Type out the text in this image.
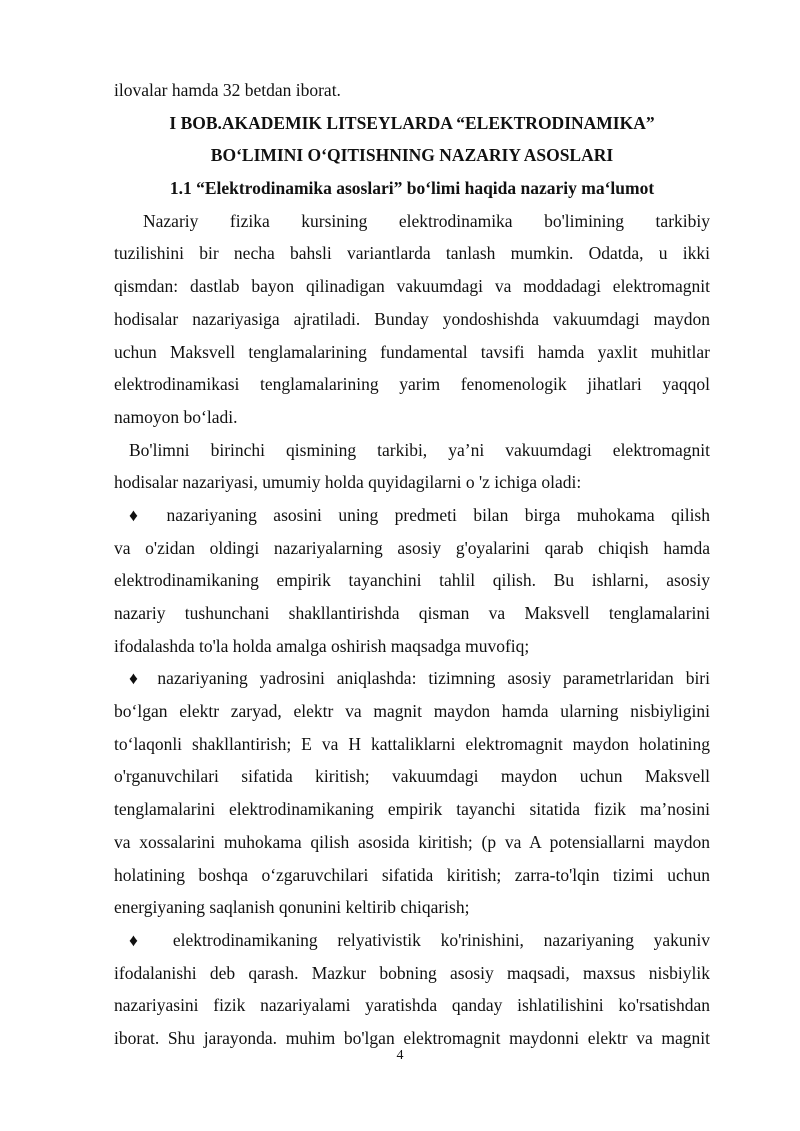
ilovalar hamda 32 betdan iborat.
I BOB.AKADEMIK LITSEYLARDA “ELEKTRODINAMIKA”
BO‘LIMINI O‘QITISHNING NAZARIY ASOSLARI
1.1 “Elektrodinamika asoslari” bo‘limi haqida nazariy ma‘lumot
Nazariy fizika kursining elektrodinamika bo'limining tarkibiy
tuzilishini bir necha bahsli variantlarda tanlash mumkin. Odatda, u ikki
qismdan: dastlab bayon qilinadigan vakuumdagi va moddadagi elektromagnit
hodisalar nazariyasiga ajratiladi. Bunday yondoshishda vakuumdagi maydon
uchun Maksvell tenglamalarining fundamental tavsifi hamda yaxlit muhitlar
elektrodinamikasi tenglamalarining yarim fenomenologik jihatlari yaqqol
namoyon bo‘ladi.
Bo'limni birinchi qismining tarkibi, ya’ni vakuumdagi elektromagnit
hodisalar nazariyasi, umumiy holda quyidagilarni o 'z ichiga oladi:
♦ nazariyaning asosini uning predmeti bilan birga muhokama qilish
va o'zidan oldingi nazariyalarning asosiy g'oyalarini qarab chiqish hamda
elektrodinamikaning empirik tayanchini tahlil qilish. Bu ishlarni, asosiy
nazariy tushunchani shakllantirishda qisman va Maksvell tenglamalarini
ifodalashda to'la holda amalga oshirish maqsadga muvofiq;
♦ nazariyaning yadrosini aniqlashda: tizimning asosiy parametrlaridan biri
bo‘lgan elektr zaryad, elektr va magnit maydon hamda ularning nisbiyligini
to‘laqonli shakllantirish; E va H kattaliklarni elektromagnit maydon holatining
o'rganuvchilari sifatida kiritish; vakuumdagi maydon uchun Maksvell
tenglamalarini elektrodinamikaning empirik tayanchi sitatida fizik ma’nosini
va xossalarini muhokama qilish asosida kiritish; (p va A potensiallarni maydon
holatining boshqa o‘zgaruvchilari sifatida kiritish; zarra-to'lqin tizimi uchun
energiyaning saqlanish qonunini keltirib chiqarish;
♦ elektrodinamikaning relyativistik ko'rinishini, nazariyaning yakuniv
ifodalanishi deb qarash. Mazkur bobning asosiy maqsadi, maxsus nisbiylik
nazariyasini fizik nazariyalami yaratishda qanday ishlatilishini ko'rsatishdan
iborat. Shu jarayonda. muhim bo'lgan elektromagnit maydonni elektr va magnit
4
